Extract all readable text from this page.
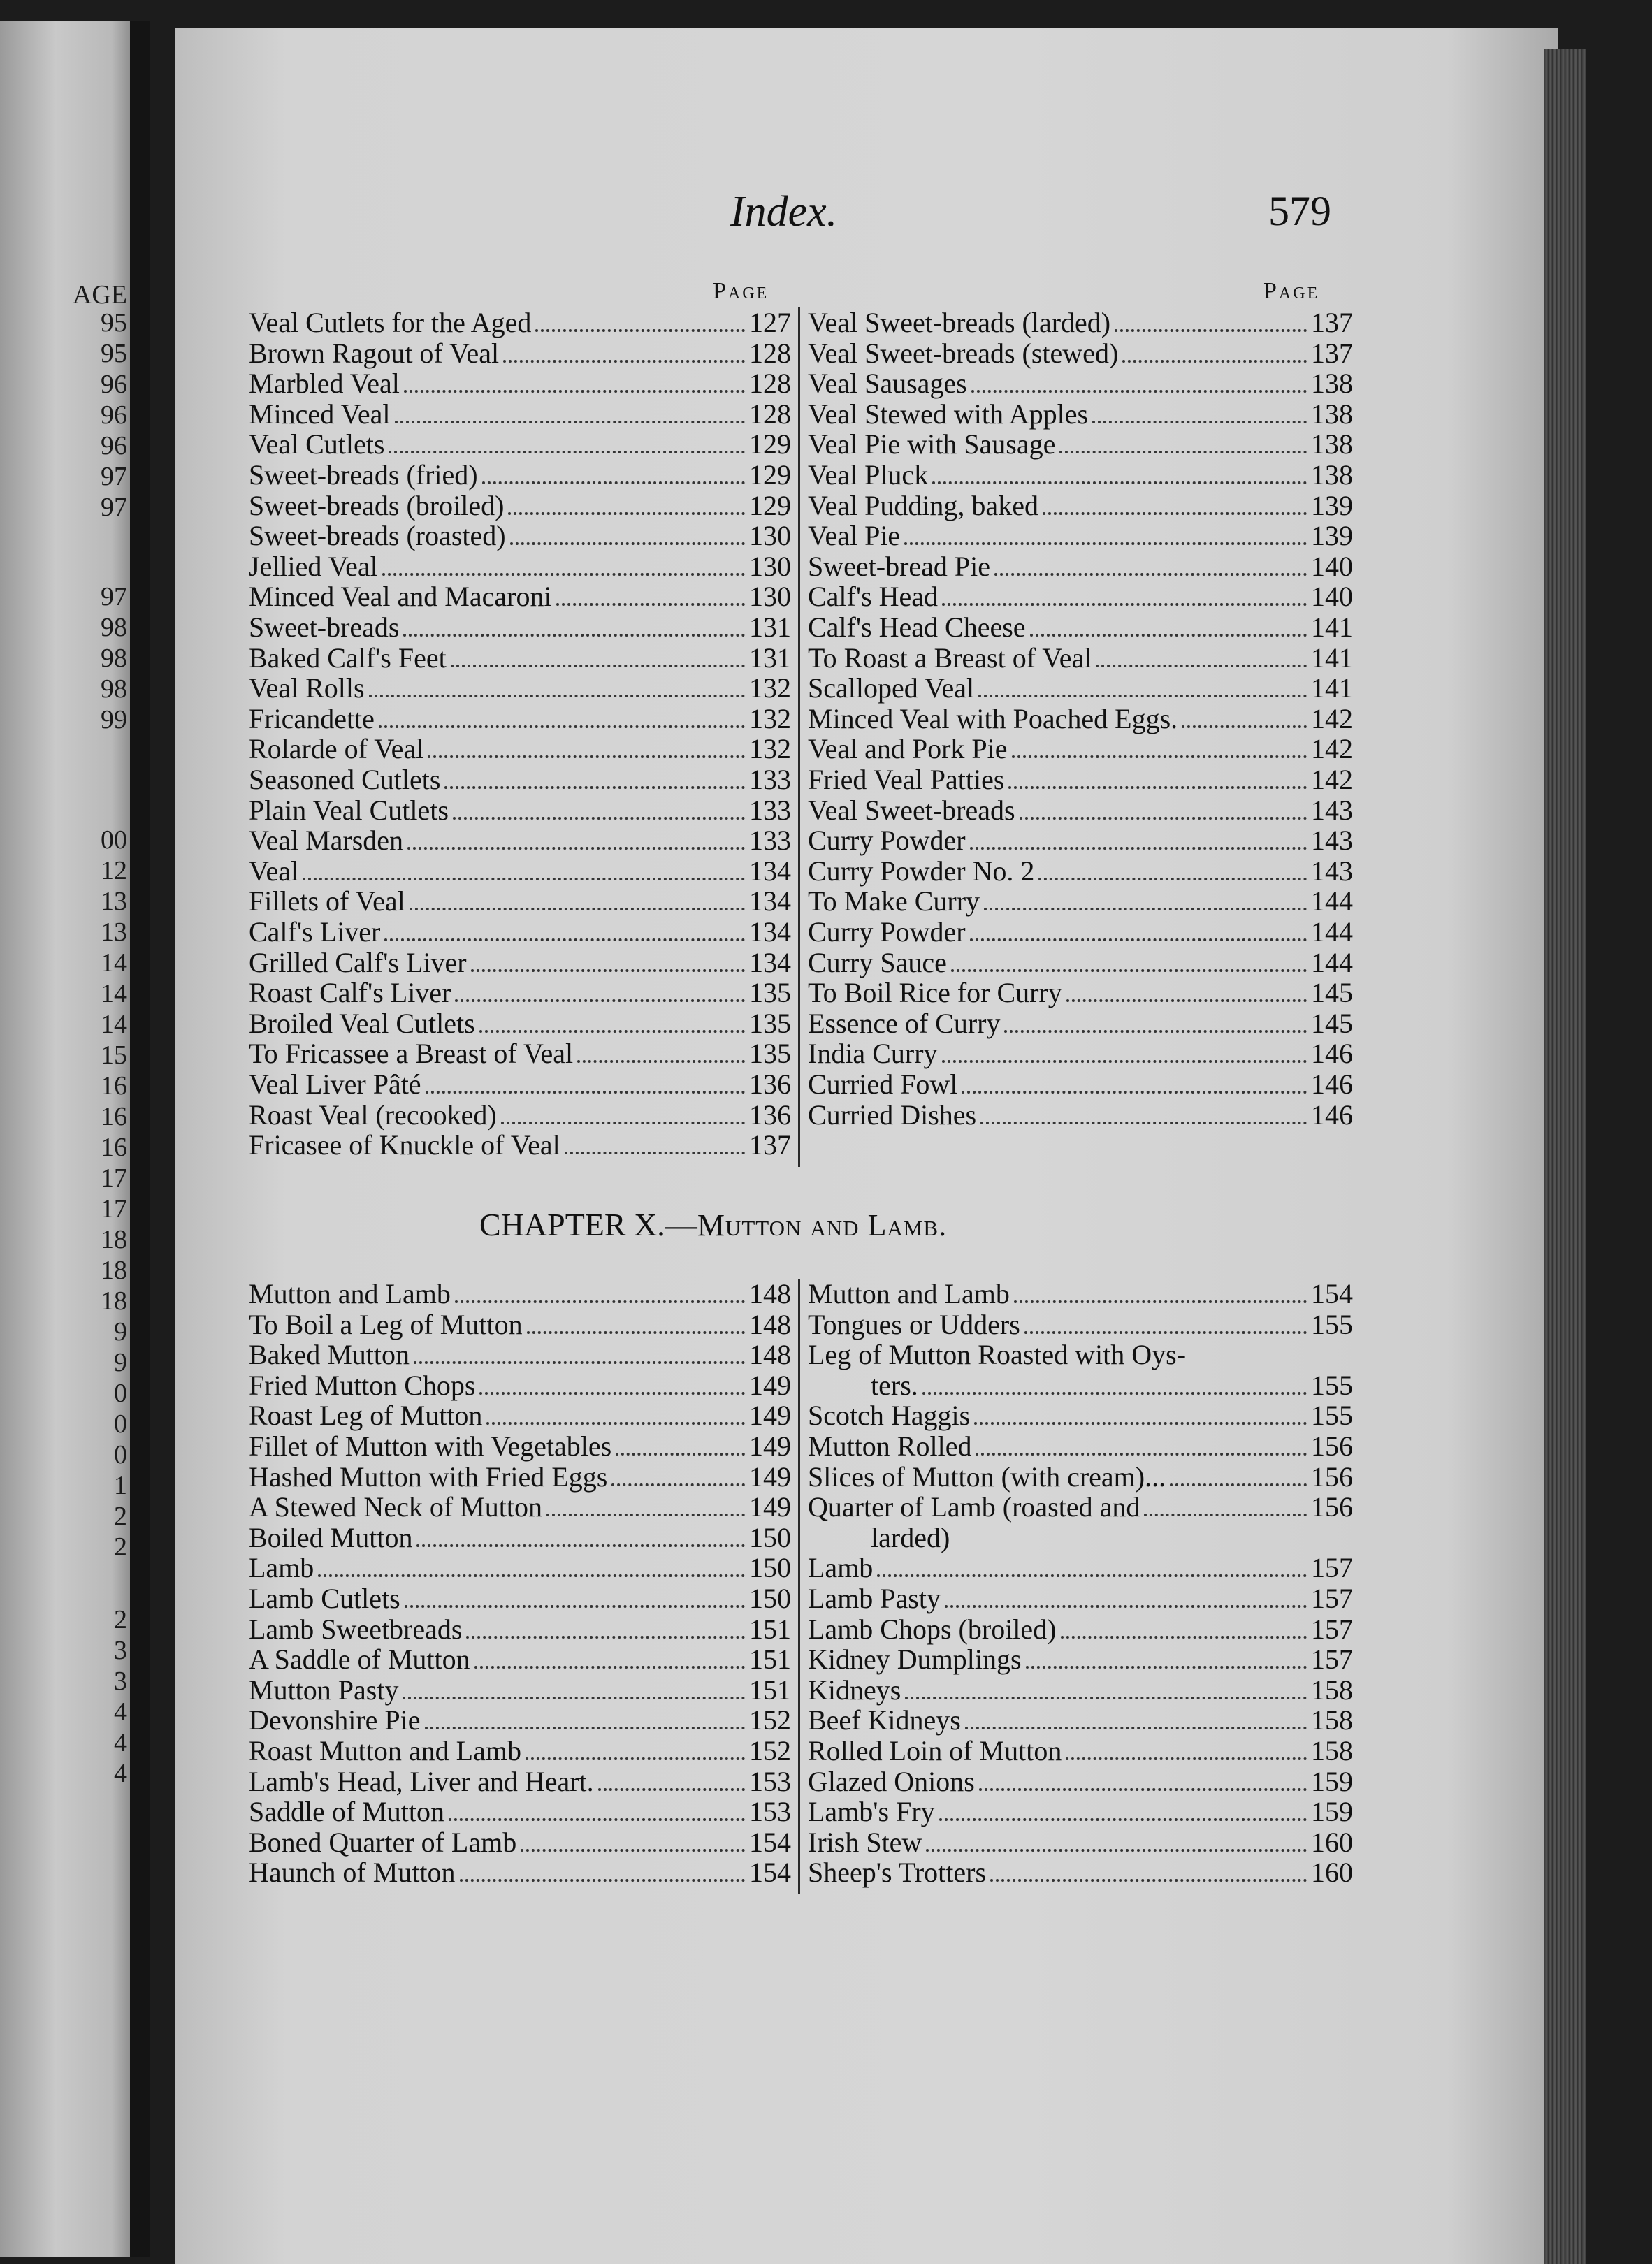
AGE
95
95
96
96
96
97
97
97
98
98
98
99
00
12
13
13
14
14
14
15
16
16
16
17
17
18
18
18
9
9
0
0
0
1
2
2
2
3
3
4
4
4
Index.	579
Page	Page
Veal Cutlets for the Aged	127
Brown Ragout of Veal	128
Marbled Veal	128
Minced Veal	128
Veal Cutlets	129
Sweet-breads (fried)	129
Sweet-breads (broiled)	129
Sweet-breads (roasted)	130
Jellied Veal	130
Minced Veal and Macaroni	130
Sweet-breads	131
Baked Calf's Feet	131
Veal Rolls	132
Fricandette	132
Rolarde of Veal	132
Seasoned Cutlets	133
Plain Veal Cutlets	133
Veal Marsden	133
Veal	134
Fillets of Veal	134
Calf's Liver	134
Grilled Calf's Liver	134
Roast Calf's Liver	135
Broiled Veal Cutlets	135
To Fricassee a Breast of Veal	135
Veal Liver Pâté	136
Roast Veal (recooked)	136
Fricasee of Knuckle of Veal	137
Veal Sweet-breads (larded)	137
Veal Sweet-breads (stewed)	137
Veal Sausages	138
Veal Stewed with Apples	138
Veal Pie with Sausage	138
Veal Pluck	138
Veal Pudding, baked	139
Veal Pie	139
Sweet-bread Pie	140
Calf's Head	140
Calf's Head Cheese	141
To Roast a Breast of Veal	141
Scalloped Veal	141
Minced Veal with Poached Eggs.	142
Veal and Pork Pie	142
Fried Veal Patties	142
Veal Sweet-breads	143
Curry Powder	143
Curry Powder No. 2	143
To Make Curry	144
Curry Powder	144
Curry Sauce	144
To Boil Rice for Curry	145
Essence of Curry	145
India Curry	146
Curried Fowl	146
Curried Dishes	146
CHAPTER X.—Mutton and Lamb.
Mutton and Lamb	148
To Boil a Leg of Mutton	148
Baked Mutton	148
Fried Mutton Chops	149
Roast Leg of Mutton	149
Fillet of Mutton with Vegetables	149
Hashed Mutton with Fried Eggs	149
A Stewed Neck of Mutton	149
Boiled Mutton	150
Lamb	150
Lamb Cutlets	150
Lamb Sweetbreads	151
A Saddle of Mutton	151
Mutton Pasty	151
Devonshire Pie	152
Roast Mutton and Lamb	152
Lamb's Head, Liver and Heart.	153
Saddle of Mutton	153
Boned Quarter of Lamb	154
Haunch of Mutton	154
Mutton and Lamb	154
Tongues or Udders	155
Leg of Mutton Roasted with Oys-
ters.	155
Scotch Haggis	155
Mutton Rolled	156
Slices of Mutton (with cream)...	156
Quarter of Lamb (roasted and	156
larded)
Lamb	157
Lamb Pasty	157
Lamb Chops (broiled)	157
Kidney Dumplings	157
Kidneys	158
Beef Kidneys	158
Rolled Loin of Mutton	158
Glazed Onions	159
Lamb's Fry	159
Irish Stew	160
Sheep's Trotters	160
